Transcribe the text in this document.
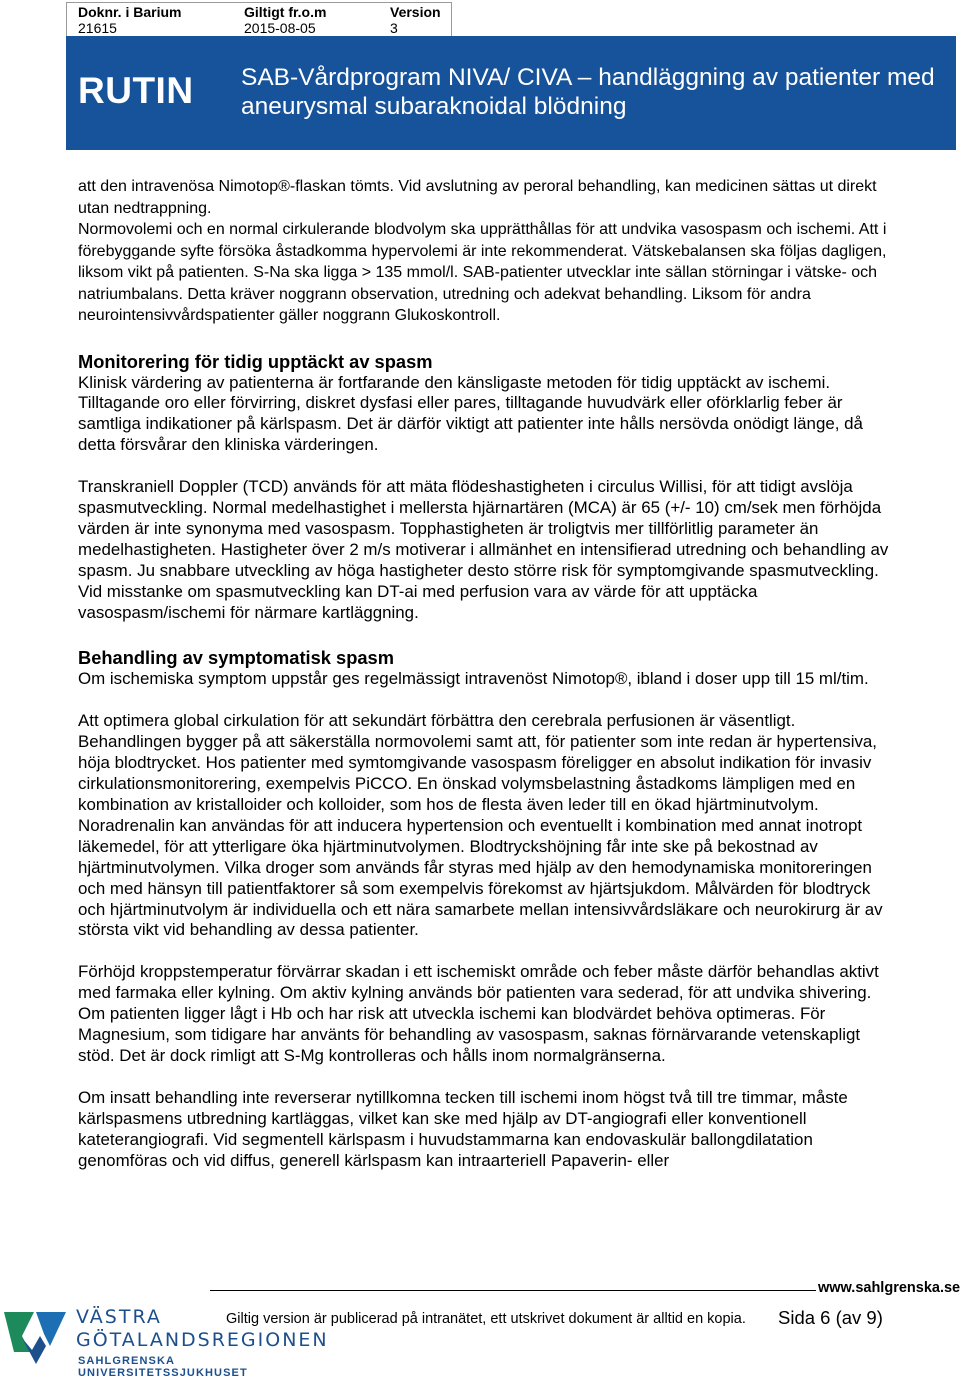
Doknr. i Barium
21615
Giltigt fr.o.m
2015-08-05
Version
3
RUTIN SAB-Vårdprogram NIVA/ CIVA – handläggning av patienter med aneurysmal subaraknoidal blödning

att den intravenösa Nimotop®-flaskan tömts. Vid avslutning av peroral behandling, kan medicinen sättas ut direkt utan nedtrappning.

Normovolemi och en normal cirkulerande blodvolym ska upprätthållas för att undvika vasospasm och ischemi. Att i förebyggande syfte försöka åstadkomma hypervolemi är inte rekommenderat. Vätskebalansen ska följas dagligen, liksom vikt på patienten. S-Na ska ligga > 135 mmol/l. SAB-patienter utvecklar inte sällan störningar i vätske- och natriumbalans. Detta kräver noggrann observation, utredning och adekvat behandling. Liksom för andra neurointensivvårdspatienter gäller noggrann Glukoskontroll.

Monitorering för tidig upptäckt av spasm

Klinisk värdering av patienterna är fortfarande den känsligaste metoden för tidig upptäckt av ischemi. Tilltagande oro eller förvirring, diskret dysfasi eller pares, tilltagande huvudvärk eller oförklarlig feber är samtliga indikationer på kärlspasm. Det är därför viktigt att patienter inte hålls nersövda onödigt länge, då detta försvårar den kliniska värderingen.

Transkraniell Doppler (TCD) används för att mäta flödeshastigheten i circulus Willisi, för att tidigt avslöja spasmutveckling. Normal medelhastighet i mellersta hjärnartären (MCA) är 65 (+/- 10) cm/sek men förhöjda värden är inte synonyma med vasospasm. Topphastigheten är troligtvis mer tillförlitlig parameter än medelhastigheten. Hastigheter över 2 m/s motiverar i allmänhet en intensifierad utredning och behandling av spasm. Ju snabbare utveckling av höga hastigheter desto större risk för symptomgivande spasmutveckling. Vid misstanke om spasmutveckling kan DT-ai med perfusion vara av värde för att upptäcka vasospasm/ischemi för närmare kartläggning.

Behandling av symptomatisk spasm

Om ischemiska symptom uppstår ges regelmässigt intravenöst Nimotop®, ibland i doser upp till 15 ml/tim.

Att optimera global cirkulation för att sekundärt förbättra den cerebrala perfusionen är väsentligt. Behandlingen bygger på att säkerställa normovolemi samt att, för patienter som inte redan är hypertensiva, höja blodtrycket. Hos patienter med symtomgivande vasospasm föreligger en absolut indikation för invasiv cirkulationsmonitorering, exempelvis PiCCO. En önskad volymsbelastning åstadkoms lämpligen med en kombination av kristalloider och kolloider, som hos de flesta även leder till en ökad hjärtminutvolym. Noradrenalin kan användas för att inducera hypertension och eventuellt i kombination med annat inotropt läkemedel, för att ytterligare öka hjärtminutvolymen. Blodtryckshöjning får inte ske på bekostnad av hjärtminutvolymen. Vilka droger som används får styras med hjälp av den hemodynamiska monitoreringen och med hänsyn till patientfaktorer så som exempelvis förekomst av hjärtsjukdom. Målvärden för blodtryck och hjärtminutvolym är individuella och ett nära samarbete mellan intensivvårdsläkare och neurokirurg är av största vikt vid behandling av dessa patienter.

Förhöjd kroppstemperatur förvärrar skadan i ett ischemiskt område och feber måste därför behandlas aktivt med farmaka eller kylning. Om aktiv kylning används bör patienten vara sederad, för att undvika shivering.

Om patienten ligger lågt i Hb och har risk att utveckla ischemi kan blodvärdet behöva optimeras. För Magnesium, som tidigare har använts för behandling av vasospasm, saknas förnärvarande vetenskapligt stöd. Det är dock rimligt att S-Mg kontrolleras och hålls inom normalgränserna.

Om insatt behandling inte reverserar nytillkomna tecken till ischemi inom högst två till tre timmar, måste kärlspasmens utbredning kartläggas, vilket kan ske med hjälp av DT-angiografi eller konventionell kateterangiografi. Vid segmentell kärlspasm i huvudstammarna kan endovaskulär ballongdilatation genomföras och vid diffus, generell kärlspasm kan intraarteriell Papaverin- eller

www.sahlgrenska.se
Giltig version är publicerad på intranätet, ett utskrivet dokument är alltid en kopia. Sida 6 (av 9)
VÄSTRA
GÖTALANDSREGIONEN
SAHLGRENSKA UNIVERSITETSSJUKHUSET
